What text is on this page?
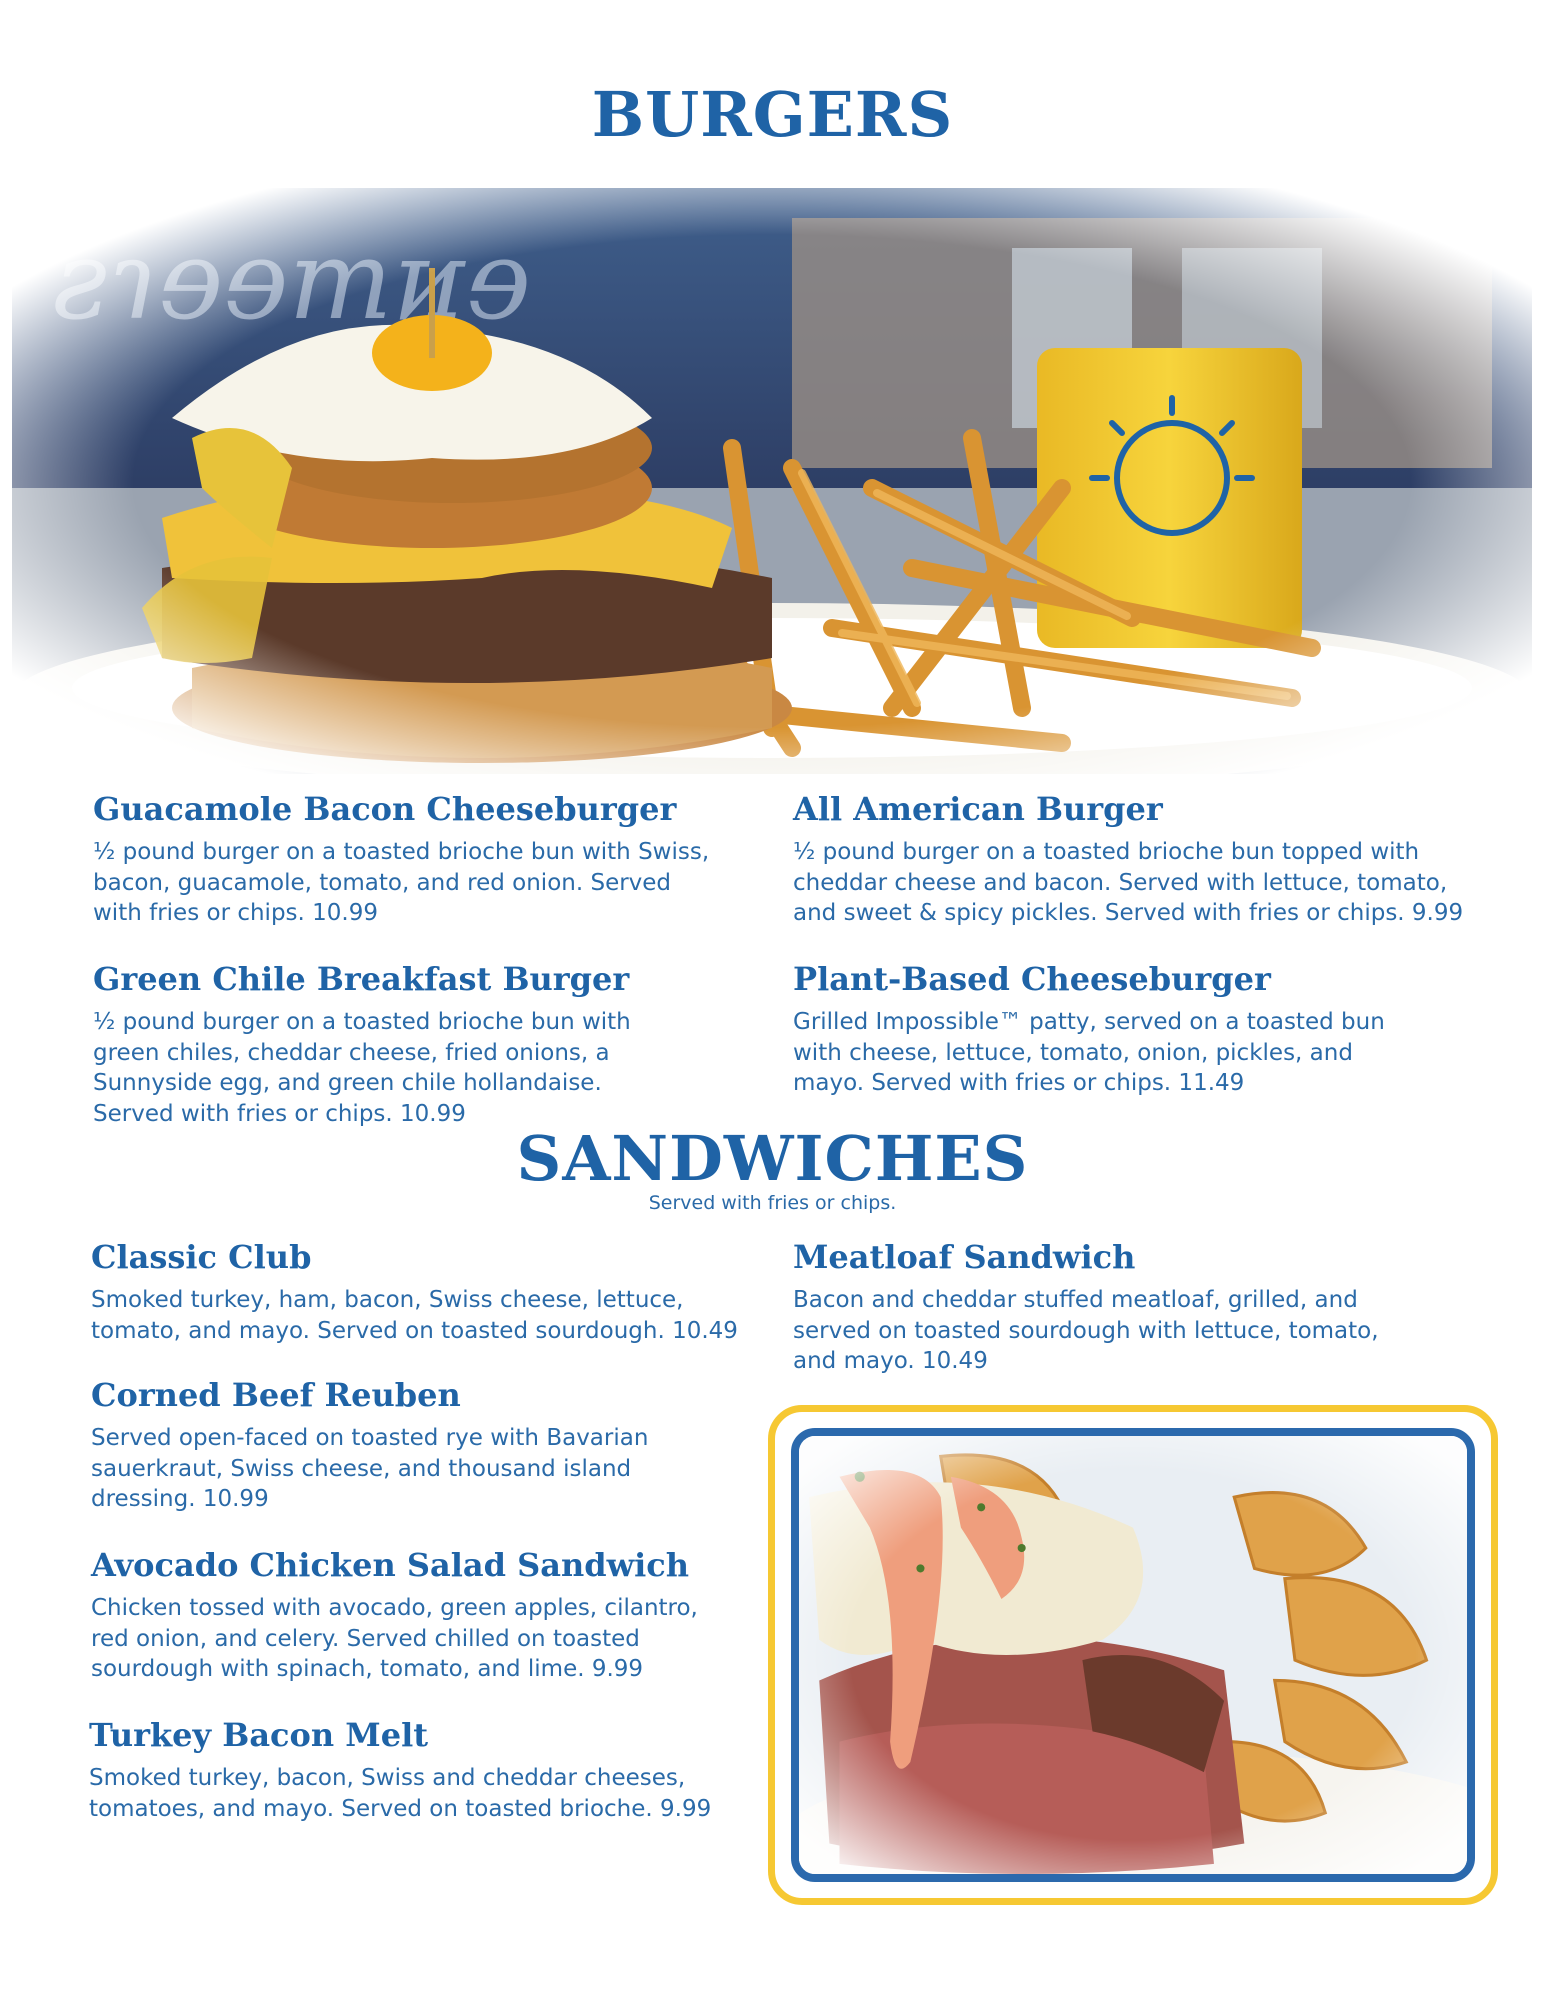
BURGERS
Guacamole Bacon Cheeseburger

½ pound burger on a toasted brioche bun with Swiss,
bacon, guacamole, tomato, and red onion. Served
with fries or chips. 10.99

All American Burger

½ pound burger on a toasted brioche bun topped with
cheddar cheese and bacon. Served with lettuce, tomato,
and sweet & spicy pickles. Served with fries or chips. 9.99

Green Chile Breakfast Burger

½ pound burger on a toasted brioche bun with
green chiles, cheddar cheese, fried onions, a
Sunnyside egg, and green chile hollandaise.
Served with fries or chips. 10.99

Plant-Based Cheeseburger

Grilled Impossible™ patty, served on a toasted bun
with cheese, lettuce, tomato, onion, pickles, and
mayo. Served with fries or chips. 11.49

SANDWICHES
Served with fries or chips.
Classic Club

Smoked turkey, ham, bacon, Swiss cheese, lettuce,
tomato, and mayo. Served on toasted sourdough. 10.49

Meatloaf Sandwich

Bacon and cheddar stuffed meatloaf, grilled, and
served on toasted sourdough with lettuce, tomato,
and mayo. 10.49

Corned Beef Reuben

Served open-faced on toasted rye with Bavarian
sauerkraut, Swiss cheese, and thousand island
dressing. 10.99

Avocado Chicken Salad Sandwich

Chicken tossed with avocado, green apples, cilantro,
red onion, and celery. Served chilled on toasted
sourdough with spinach, tomato, and lime. 9.99

Turkey Bacon Melt

Smoked turkey, bacon, Swiss and cheddar cheeses,
tomatoes, and mayo. Served on toasted brioche. 9.99
